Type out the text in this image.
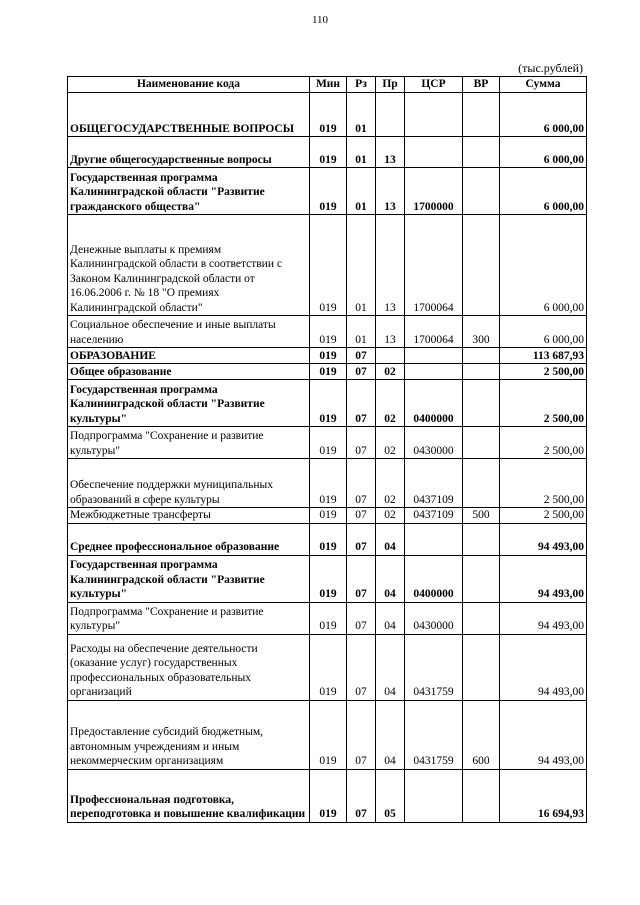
110
(тыс.рублей)
Наименование кода	Мин	Рз	Пр	ЦСР	ВР	Сумма
ОБЩЕГОСУДАРСТВЕННЫЕ ВОПРОСЫ	019	01				6 000,00
Другие общегосударственные вопросы	019	01	13			6 000,00
Государственная программа Калининградской области "Развитие гражданского общества"	019	01	13	1700000		6 000,00
Денежные выплаты к премиям Калининградской области в соответствии с Законом Калининградской области от 16.06.2006 г. № 18 "О премиях Калининградской области"	019	01	13	1700064		6 000,00
Социальное обеспечение и иные выплаты населению	019	01	13	1700064	300	6 000,00
ОБРАЗОВАНИЕ	019	07				113 687,93
Общее образование	019	07	02			2 500,00
Государственная программа Калининградской области "Развитие культуры"	019	07	02	0400000		2 500,00
Подпрограмма "Сохранение и развитие культуры"	019	07	02	0430000		2 500,00
Обеспечение поддержки муниципальных образований в сфере культуры	019	07	02	0437109		2 500,00
Межбюджетные трансферты	019	07	02	0437109	500	2 500,00
Среднее профессиональное образование	019	07	04			94 493,00
Государственная программа Калининградской области "Развитие культуры"	019	07	04	0400000		94 493,00
Подпрограмма "Сохранение и развитие культуры"	019	07	04	0430000		94 493,00
Расходы на обеспечение деятельности (оказание услуг) государственных профессиональных образовательных организаций	019	07	04	0431759		94 493,00
Предоставление субсидий бюджетным, автономным учреждениям и иным некоммерческим организациям	019	07	04	0431759	600	94 493,00
Профессиональная подготовка, переподготовка и повышение квалификации	019	07	05			16 694,93
